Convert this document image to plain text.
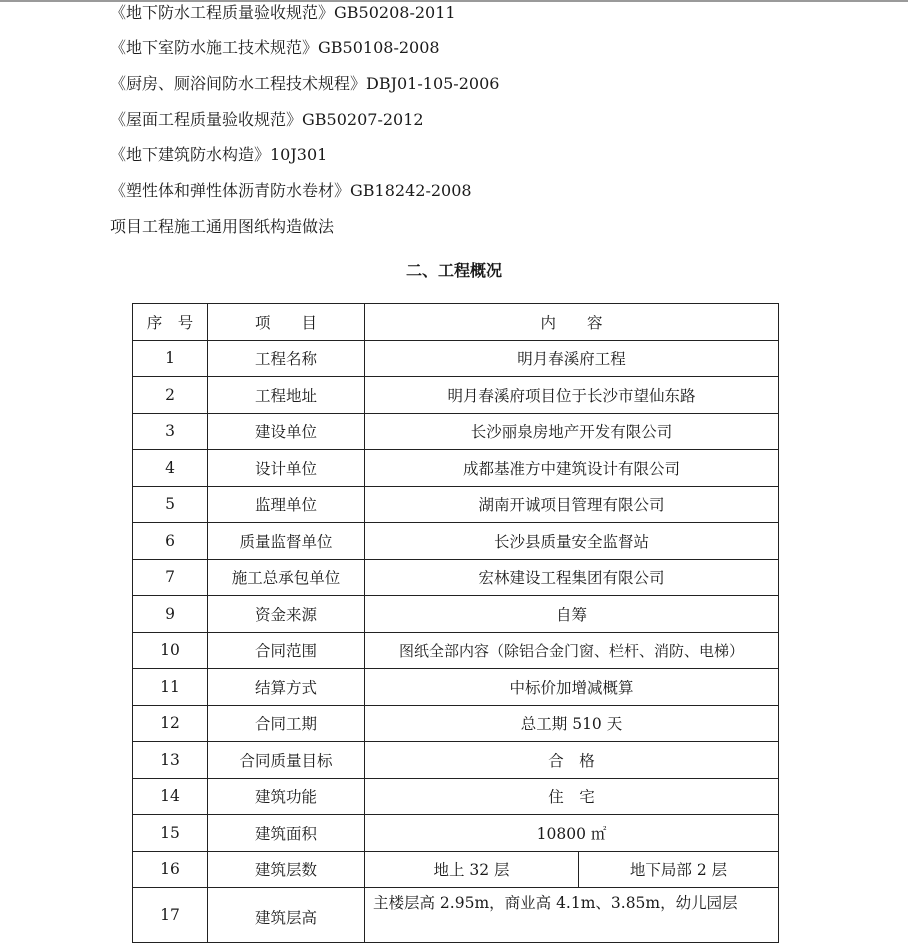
《地下防水工程质量验收规范》GB50208-2011
《地下室防水施工技术规范》GB50108-2008
《厨房、厕浴间防水工程技术规程》DBJ01-105-2006
《屋面工程质量验收规范》GB50207-2012
《地下建筑防水构造》10J301
《塑性体和弹性体沥青防水卷材》GB18242-2008
项目工程施工通用图纸构造做法
二、工程概况
序　号	项　　目	内　　容	
1	工程名称	明月春溪府工程	
2	工程地址	明月春溪府项目位于长沙市望仙东路	
3	建设单位	长沙丽泉房地产开发有限公司	
4	设计单位	成都基准方中建筑设计有限公司	
5	监理单位	湖南开诚项目管理有限公司	
6	质量监督单位	长沙县质量安全监督站	
7	施工总承包单位	宏林建设工程集团有限公司	
9	资金来源	自筹	
10	合同范围	图纸全部内容（除铝合金门窗、栏杆、消防、电梯）	
11	结算方式	中标价加增减概算	
12	合同工期	总工期 510 天	
13	合同质量目标	合　格	
14	建筑功能	住　宅	
15	建筑面积	10800 ㎡	
16	建筑层数	地上 32 层	地下局部 2 层
17	建筑层高	主楼层高 2.95m，商业高 4.1m、3.85m，幼儿园层	
